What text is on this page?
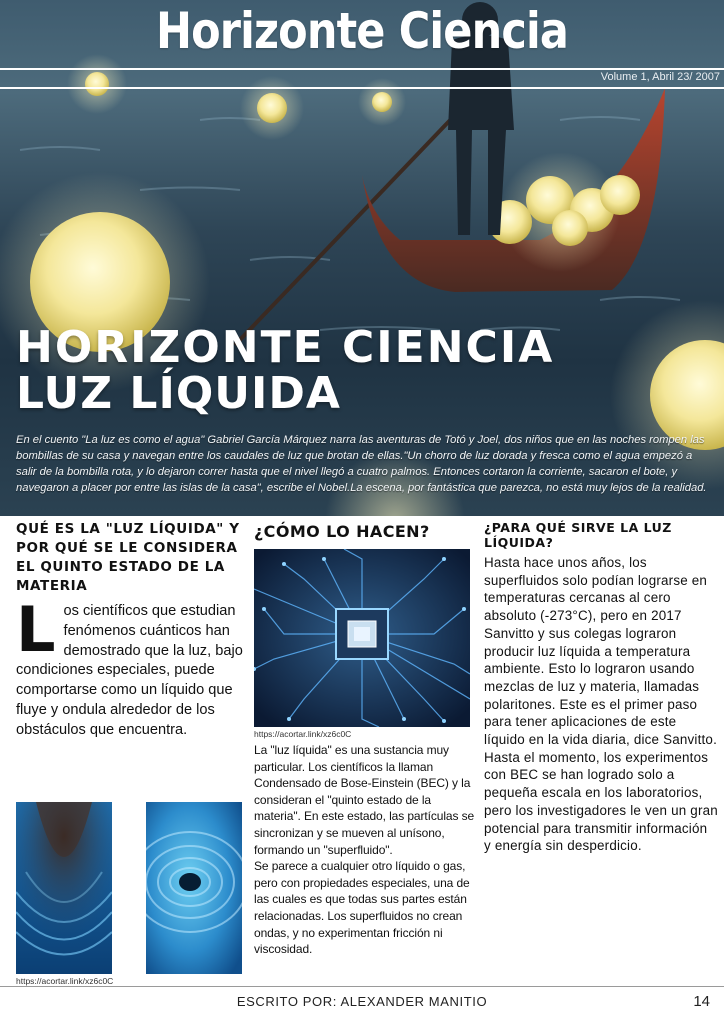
Horizonte Ciencia
Volume 1, Abril 23/ 2007
HORIZONTE CIENCIA
LUZ LÍQUIDA

En el cuento "La luz es como el agua" Gabriel García Márquez narra las aventuras de Totó y Joel, dos niños que en las noches rompen las bombillas de su casa y navegan entre los caudales de luz que brotan de ellas."Un chorro de luz dorada y fresca como el agua empezó a salir de la bombilla rota, y lo dejaron correr hasta que el nivel llegó a cuatro palmos. Entonces cortaron la corriente, sacaron el bote, y navegaron a placer por entre las islas de la casa", escribe el Nobel.La escena, por fantástica que parezca, no está muy lejos de la realidad.

QUÉ ES LA "LUZ LÍQUIDA" Y POR QUÉ SE LE CONSIDERA EL QUINTO ESTADO DE LA MATERIA

L os científicos que estudian fenómenos cuánticos han demostrado que la luz, bajo condiciones especiales, puede comportarse como un líquido que fluye y ondula alrededor de los obstáculos que encuentra.

https://acortar.link/xz6c0C
¿CÓMO LO HACEN?
https://acortar.link/xz6c0C

La "luz líquida" es una sustancia muy particular. Los científicos la llaman Condensado de Bose-Einstein (BEC) y la consideran el "quinto estado de la materia". En este estado, las partículas se sincronizan y se mueven al unísono, formando un "superfluido".

Se parece a cualquier otro líquido o gas, pero con propiedades especiales, una de las cuales es que todas sus partes están relacionadas. Los superfluidos no crean ondas, y no experimentan fricción ni viscosidad.

¿PARA QUÉ SIRVE LA LUZ LÍQUIDA?

Hasta hace unos años, los superfluidos solo podían lograrse en temperaturas cercanas al cero absoluto (-273°C), pero en 2017 Sanvitto y sus colegas lograron producir luz líquida a temperatura ambiente. Esto lo lograron usando mezclas de luz y materia, llamadas polaritones. Este es el primer paso para tener aplicaciones de este líquido en la vida diaria, dice Sanvitto.

Hasta el momento, los experimentos con BEC se han logrado solo a pequeña escala en los laboratorios, pero los investigadores le ven un gran potencial para transmitir información y energía sin desperdicio.

ESCRITO POR: ALEXANDER MANITIO	14
